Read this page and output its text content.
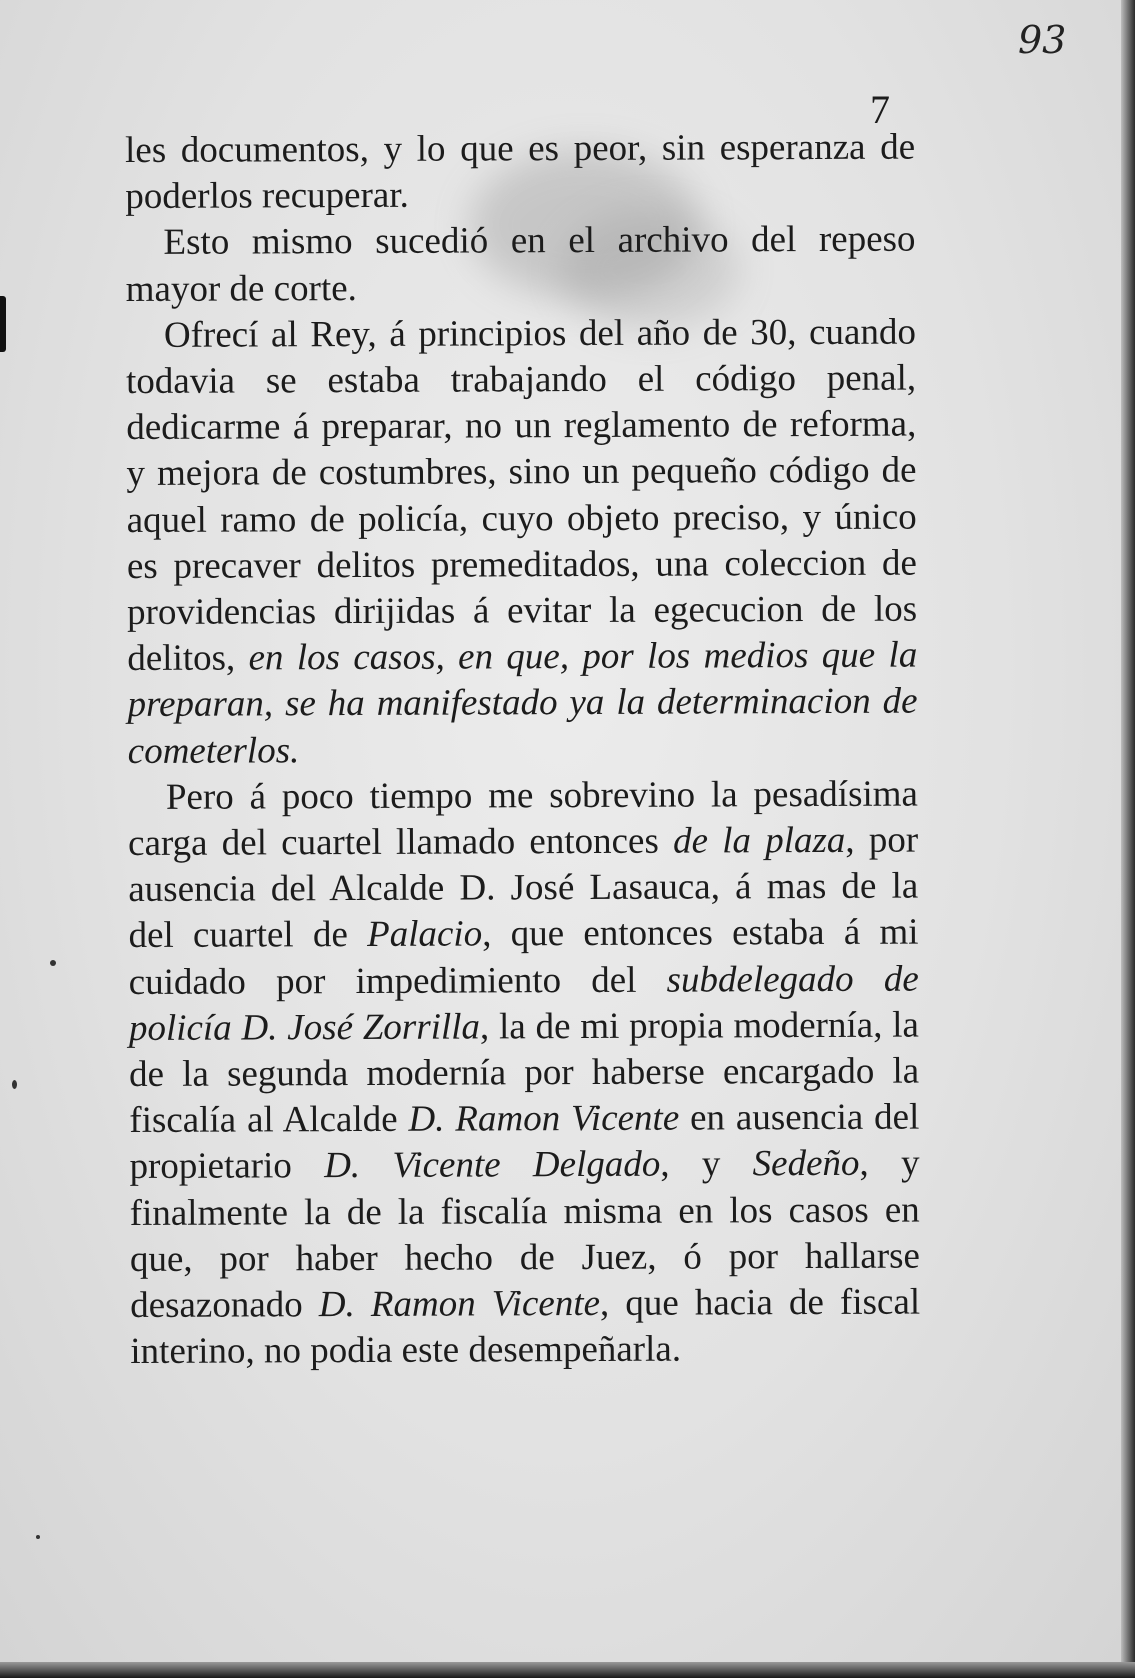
93
7

les documentos, y lo que es peor, sin esperanza de poderlos recuperar.

Esto mismo sucedió en el archivo del repeso mayor de corte.

Ofrecí al Rey, á principios del año de 30, cuando todavia se estaba trabajando el código penal, dedicarme á preparar, no un reglamento de reforma, y mejora de costumbres, sino un pequeño código de aquel ramo de policía, cuyo objeto preciso, y único es precaver delitos premeditados, una coleccion de providencias dirijidas á evitar la egecucion de los delitos, en los casos, en que, por los medios que la preparan, se ha manifestado ya la determinacion de cometerlos.

Pero á poco tiempo me sobrevino la pesadísima carga del cuartel llamado entonces de la plaza, por ausencia del Alcalde D. José Lasauca, á mas de la del cuartel de Palacio, que entonces estaba á mi cuidado por impedimiento del subdelegado de policía D. José Zorrilla, la de mi propia modernía, la de la segunda modernía por haberse encargado la fiscalía al Alcalde D. Ramon Vicente en ausencia del propietario D. Vicente Delgado, y Sedeño, y finalmente la de la fiscalía misma en los casos en que, por haber hecho de Juez, ó por hallarse desazonado D. Ramon Vicente, que hacia de fiscal interino, no podia este desempeñarla.
